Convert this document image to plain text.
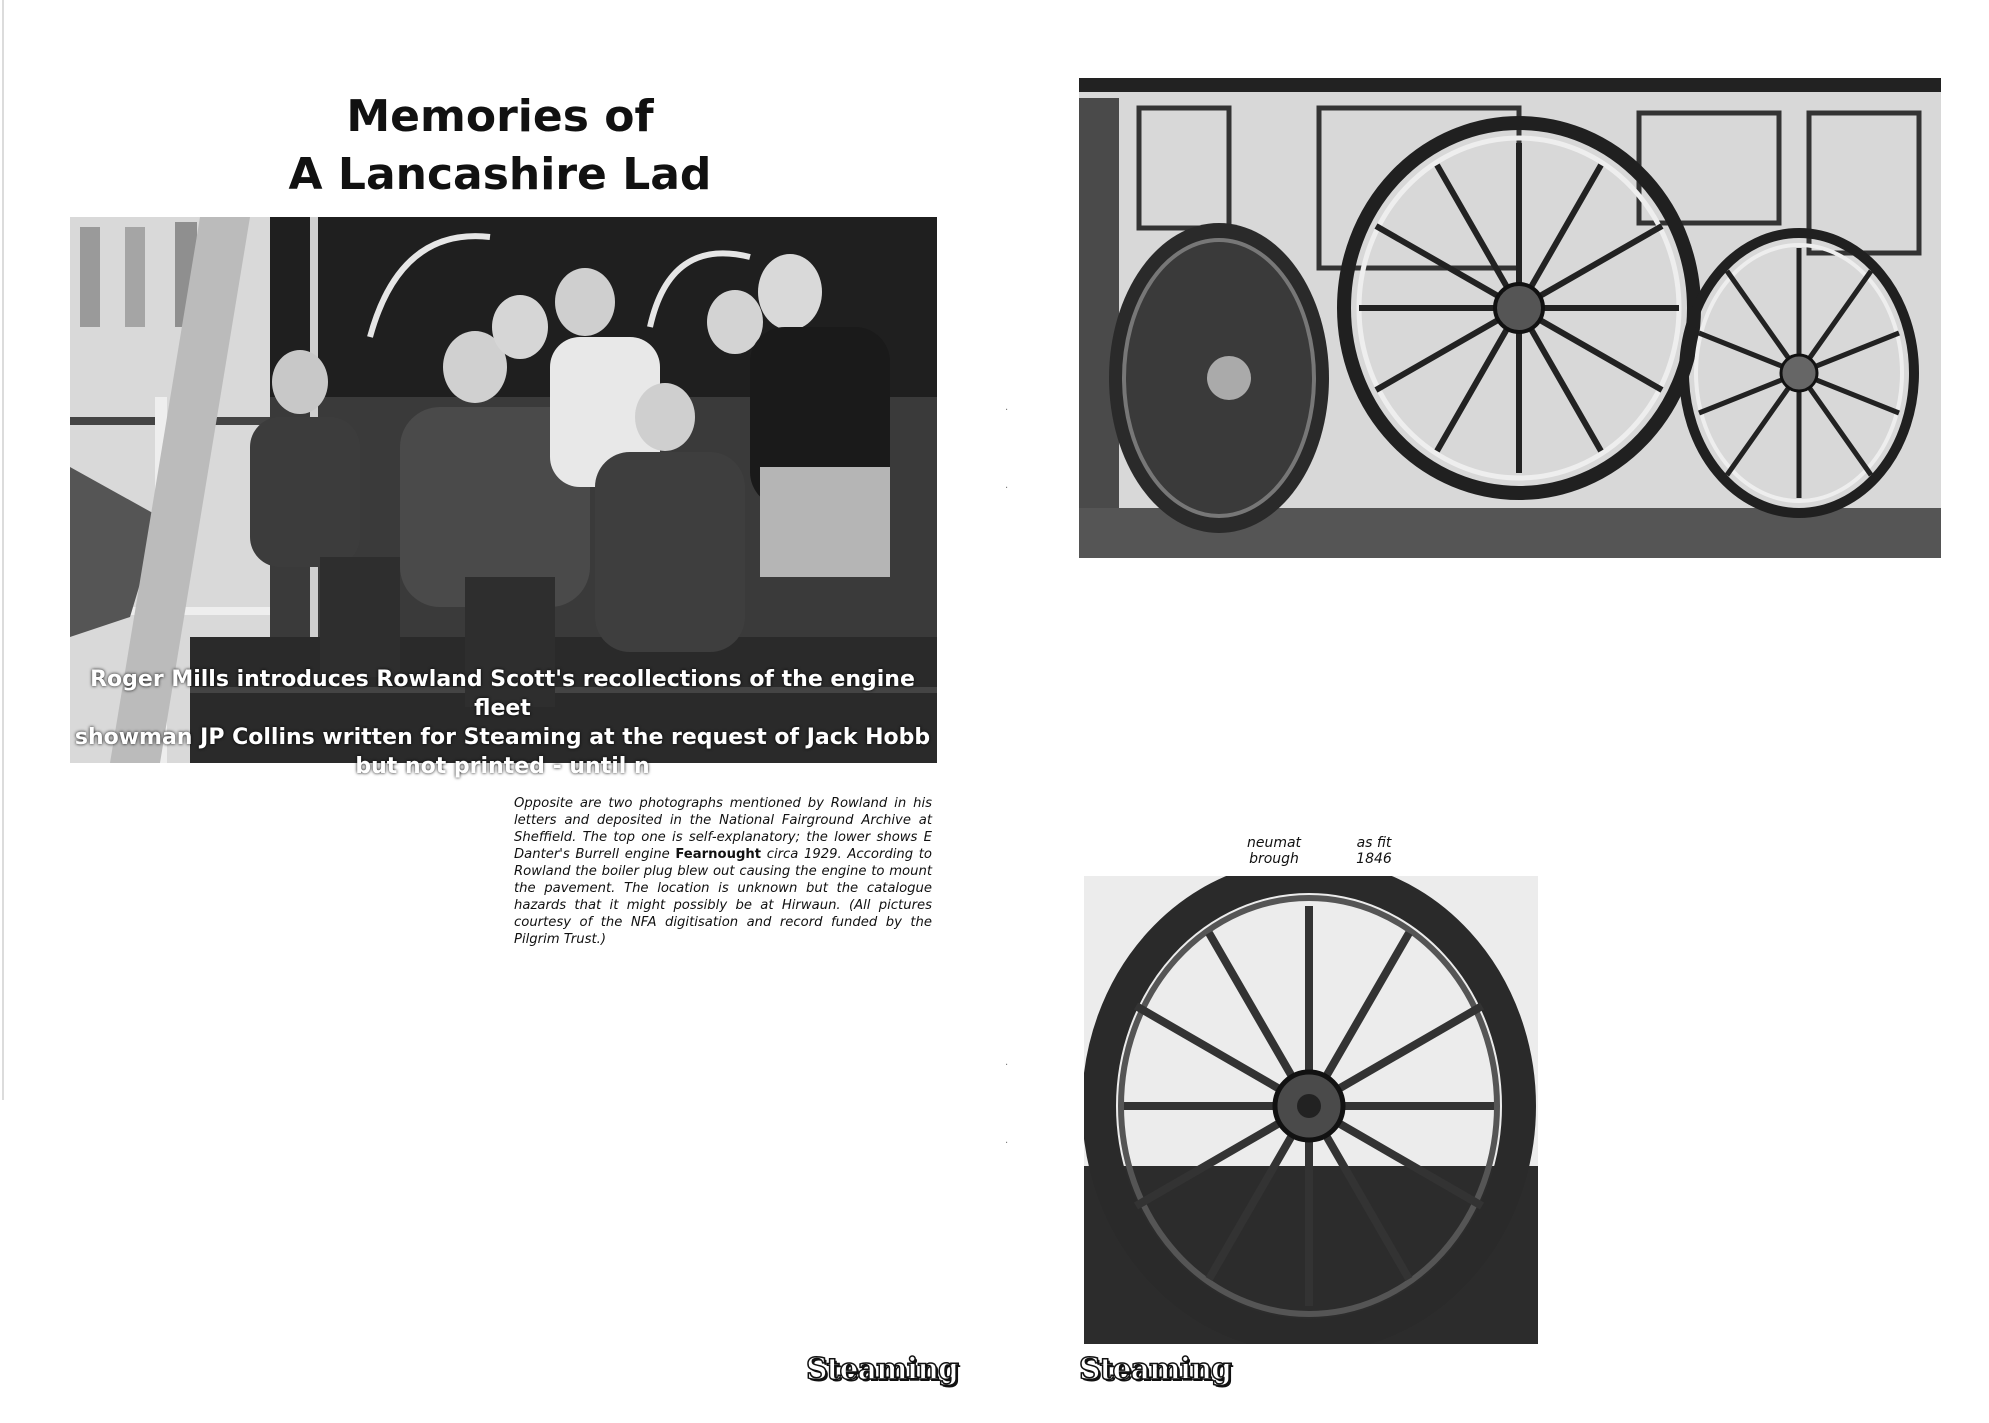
Memories of
A Lancashire Lad

Roger Mills introduces Rowland Scott's recollections of the engine fleet

showman JP Collins written for Steaming at the request of Jack Hobb

but not printed - until n

Opposite are two photographs mentioned by Rowland in his letters and deposited in the National Fairground Archive at Sheffield. The top one is self-explanatory; the lower shows E Danter's Burrell engine Fearnought circa 1929. According to Rowland the boiler plug blew out causing the engine to mount the pavement. The location is unknown but the catalogue hazards that it might possibly be at Hirwaun. (All pictures courtesy of the NFA digitisation and record funded by the Pilgrim Trust.)
Steaming
·
·
·
·
neumat
brough
as fit
1846
Steaming
